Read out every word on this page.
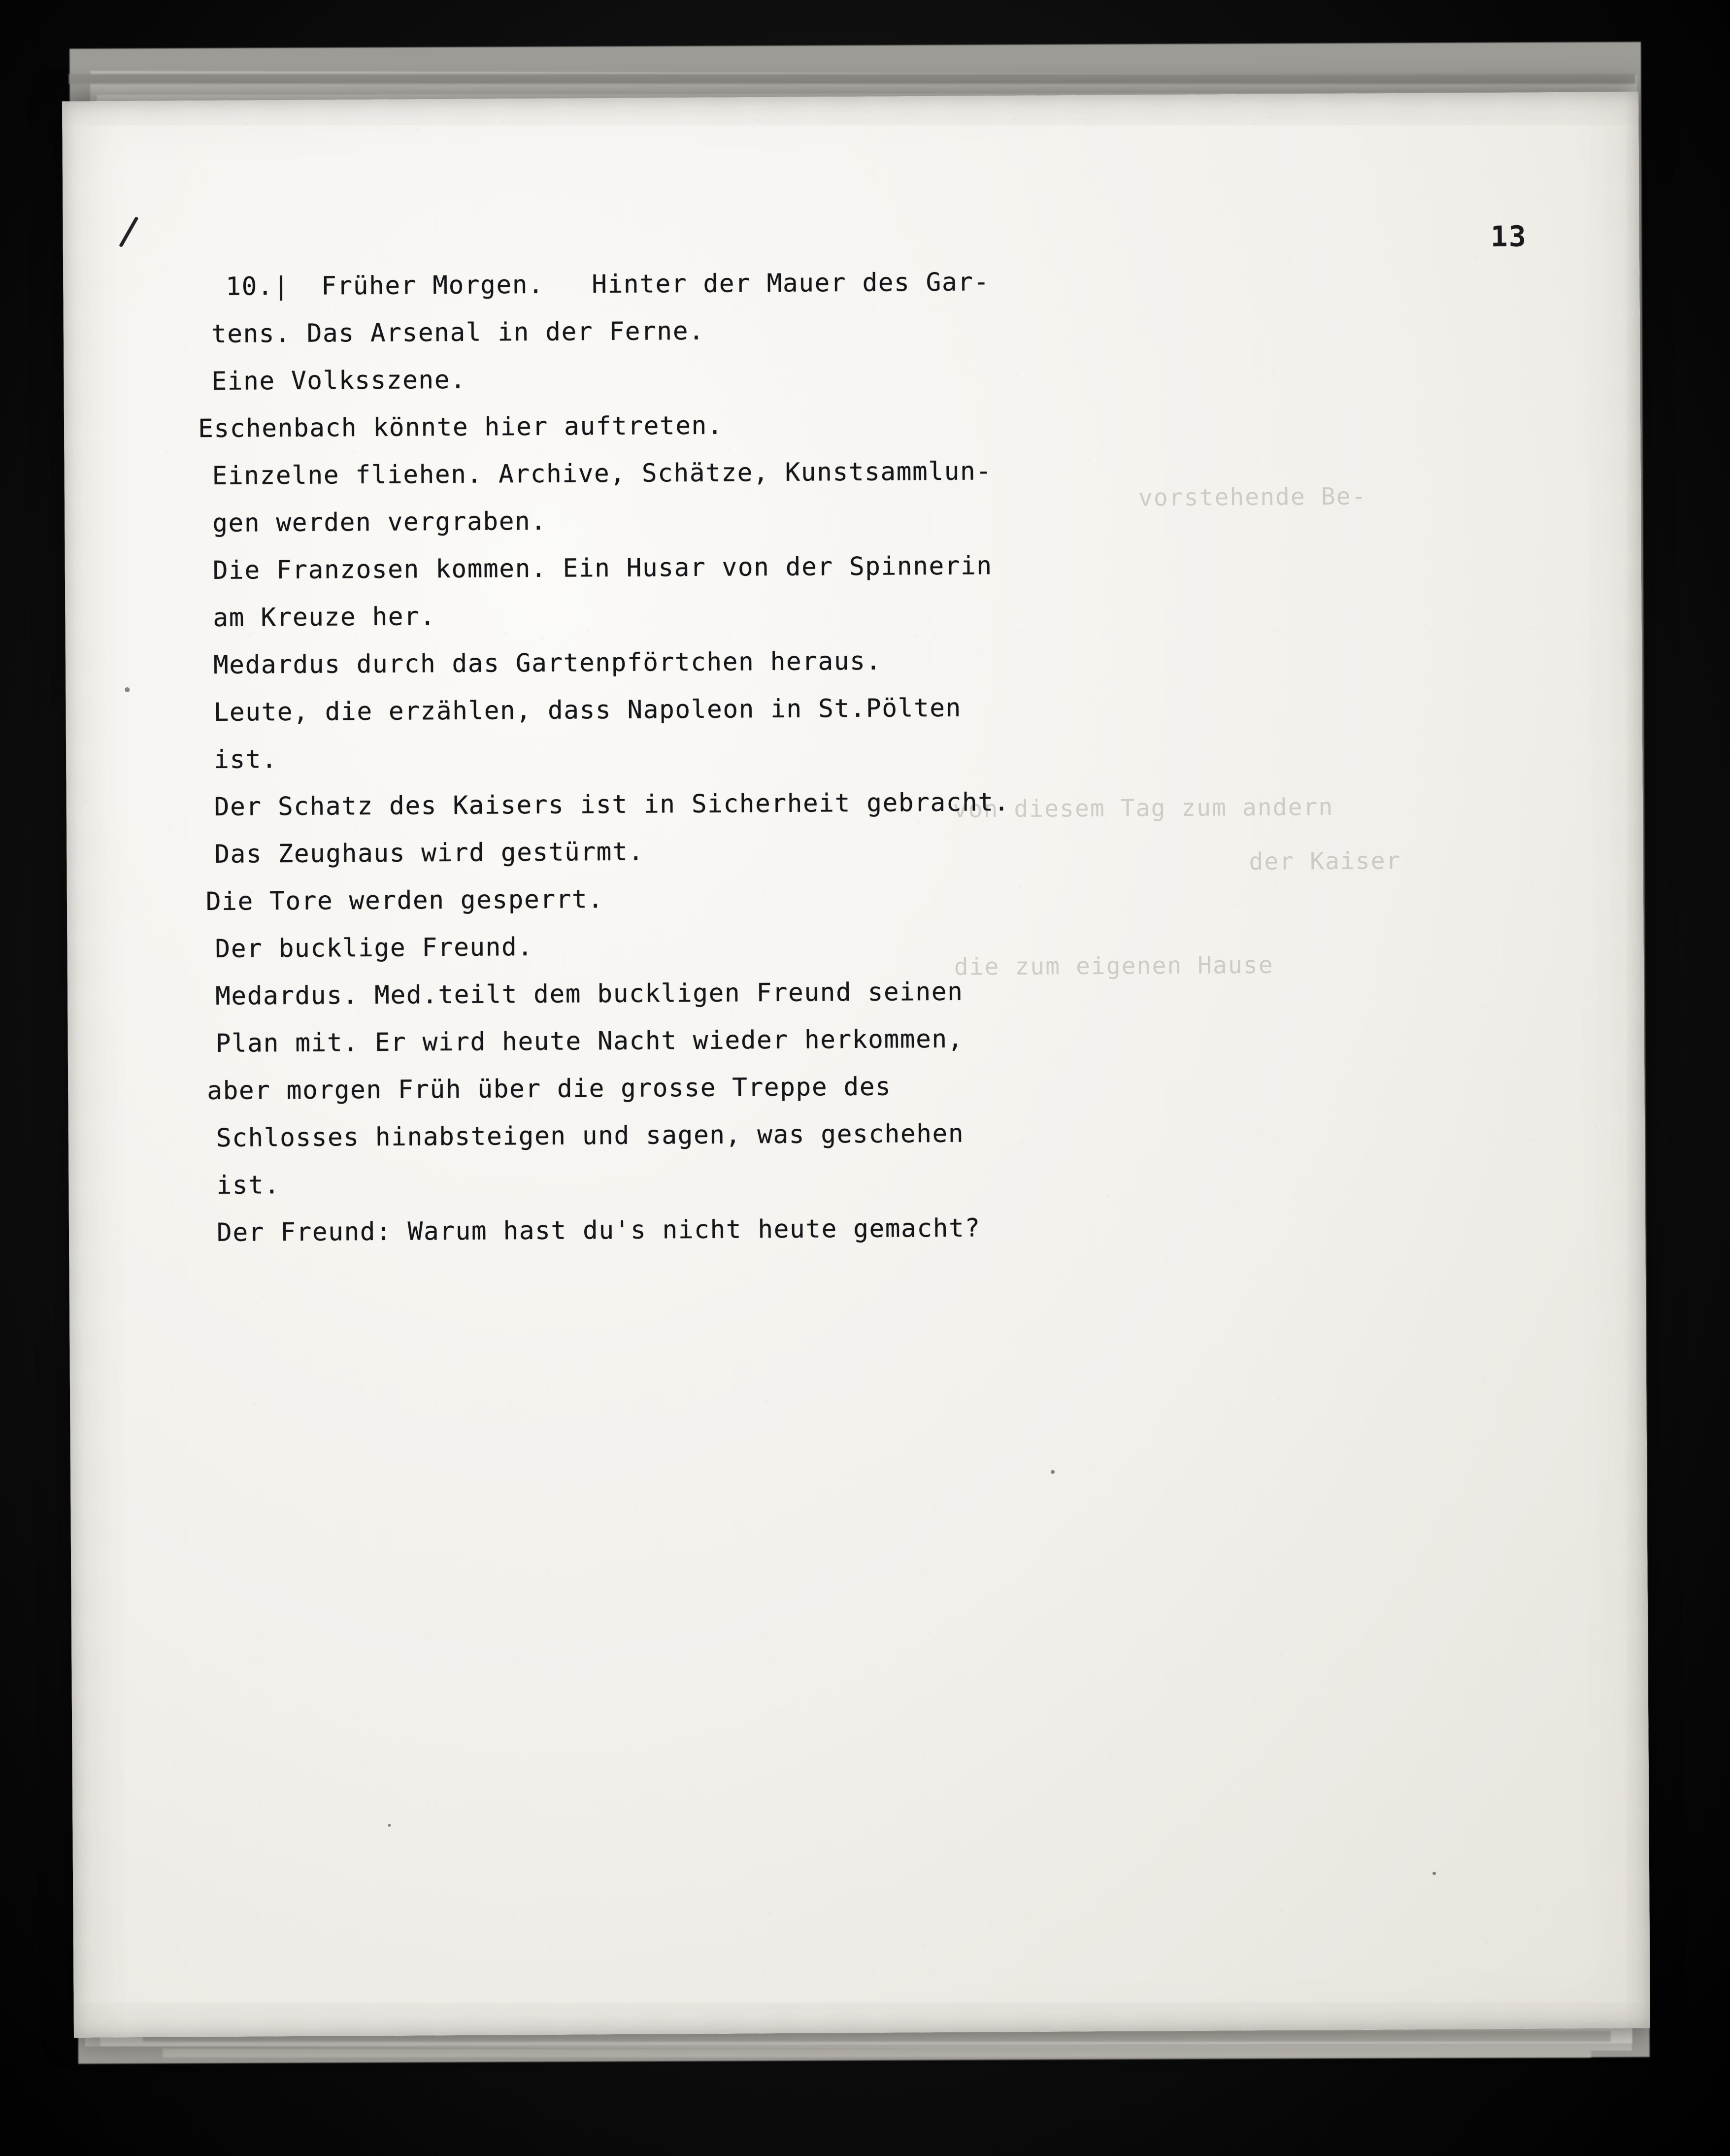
13
vorstehende Be-
von diesem Tag zum andern
der Kaiser
die zum eigenen Hause

10.|  Früher Morgen.   Hinter der Mauer des Gar-

tens. Das Arsenal in der Ferne.

Eine Volksszene.

Eschenbach könnte hier auftreten.

Einzelne fliehen. Archive, Schätze, Kunstsammlun-

gen werden vergraben.

Die Franzosen kommen. Ein Husar von der Spinnerin

am Kreuze her.

Medardus durch das Gartenpförtchen heraus.

Leute, die erzählen, dass Napoleon in St.Pölten

ist.

Der Schatz des Kaisers ist in Sicherheit gebracht.

Das Zeughaus wird gestürmt.

Die Tore werden gesperrt.

Der bucklige Freund.

Medardus. Med.teilt dem buckligen Freund seinen

Plan mit. Er wird heute Nacht wieder herkommen,

aber morgen Früh über die grosse Treppe des

Schlosses hinabsteigen und sagen, was geschehen

ist.

Der Freund: Warum hast du's nicht heute gemacht?
